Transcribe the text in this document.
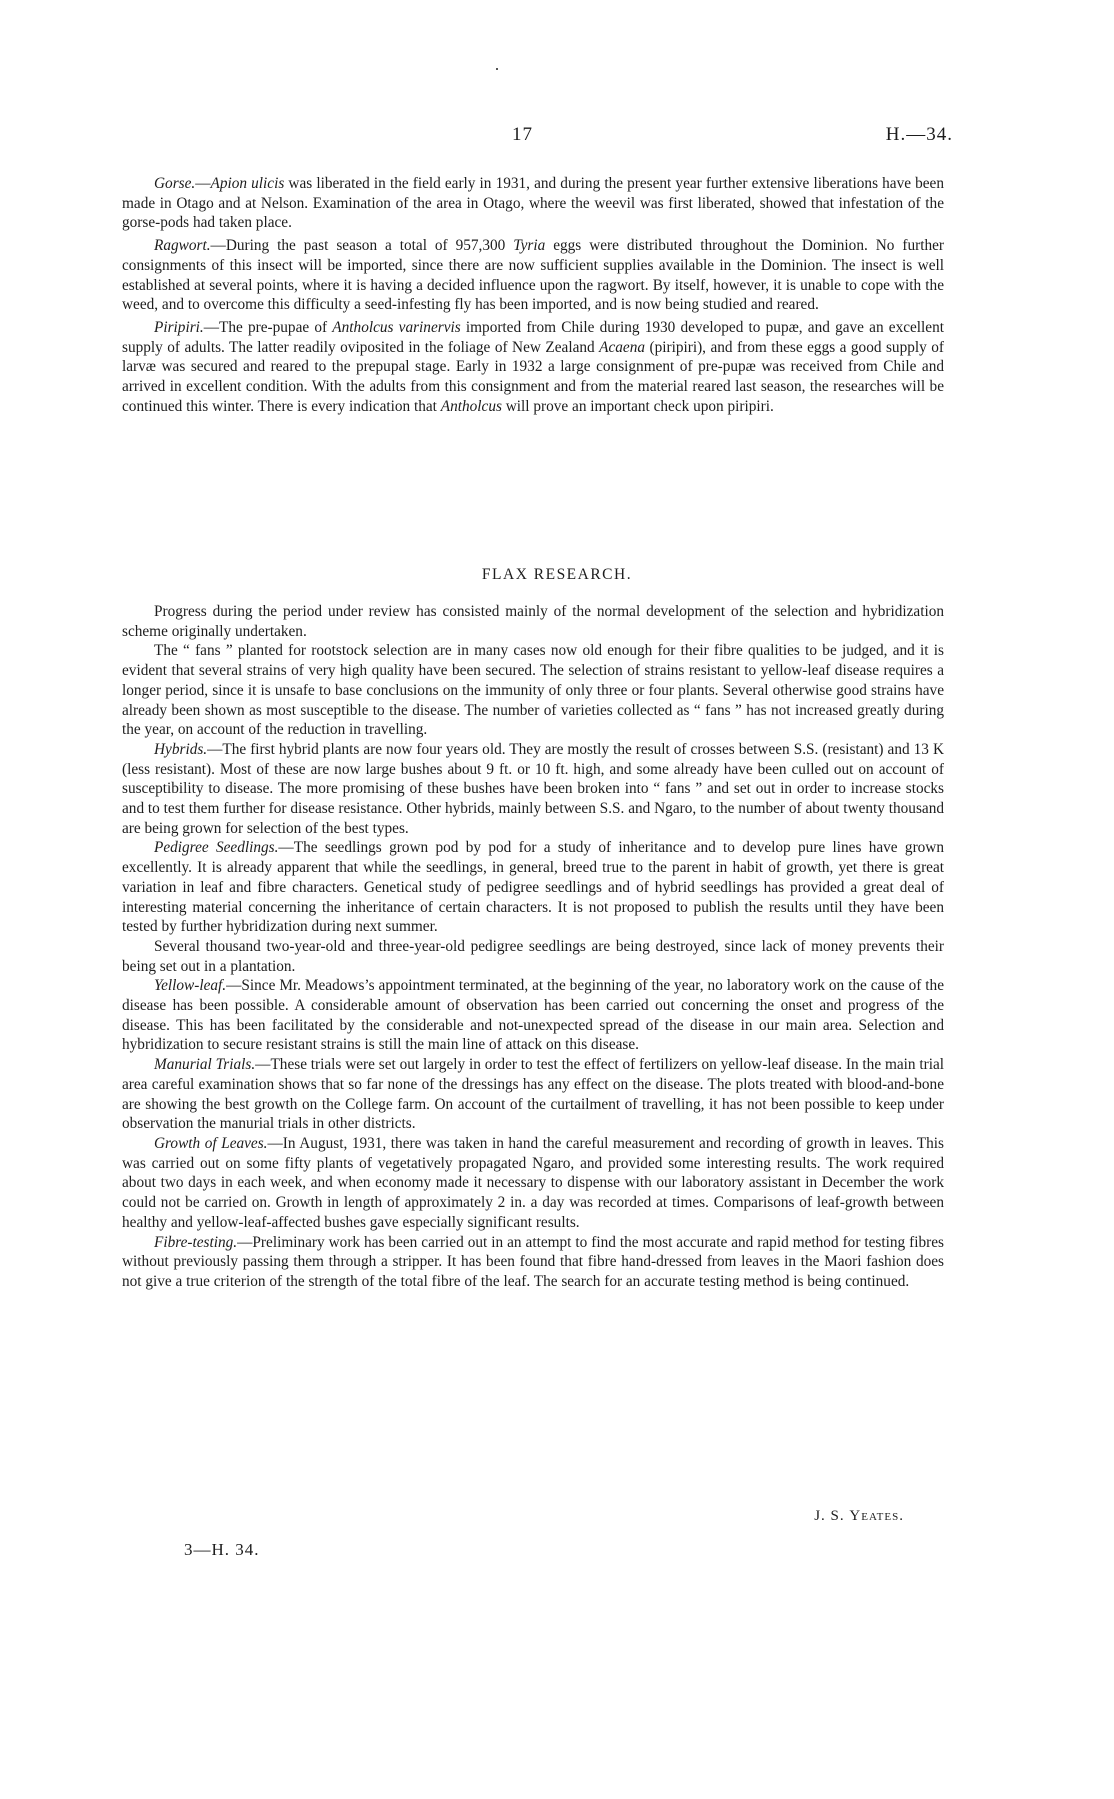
17	H.—34.

Gorse.—Apion ulicis was liberated in the field early in 1931, and during the present year further extensive liberations have been made in Otago and at Nelson. Examination of the area in Otago, where the weevil was first liberated, showed that infestation of the gorse-pods had taken place.

Ragwort.—During the past season a total of 957,300 Tyria eggs were distributed throughout the Dominion. No further consignments of this insect will be imported, since there are now sufficient supplies available in the Dominion. The insect is well established at several points, where it is having a decided influence upon the ragwort. By itself, however, it is unable to cope with the weed, and to overcome this difficulty a seed-infesting fly has been imported, and is now being studied and reared.

Piripiri.—The pre-pupae of Antholcus varinervis imported from Chile during 1930 developed to pupæ, and gave an excellent supply of adults. The latter readily oviposited in the foliage of New Zealand Acaena (piripiri), and from these eggs a good supply of larvæ was secured and reared to the prepupal stage. Early in 1932 a large consignment of pre-pupæ was received from Chile and arrived in excellent condition. With the adults from this consignment and from the material reared last season, the researches will be continued this winter. There is every indication that Antholcus will prove an important check upon piripiri.

FLAX RESEARCH.

Progress during the period under review has consisted mainly of the normal development of the selection and hybridization scheme originally undertaken.

The “ fans ” planted for rootstock selection are in many cases now old enough for their fibre qualities to be judged, and it is evident that several strains of very high quality have been secured. The selection of strains resistant to yellow-leaf disease requires a longer period, since it is unsafe to base conclusions on the immunity of only three or four plants. Several otherwise good strains have already been shown as most susceptible to the disease. The number of varieties collected as “ fans ” has not increased greatly during the year, on account of the reduction in travelling.

Hybrids.—The first hybrid plants are now four years old. They are mostly the result of crosses between S.S. (resistant) and 13 K (less resistant). Most of these are now large bushes about 9 ft. or 10 ft. high, and some already have been culled out on account of susceptibility to disease. The more promising of these bushes have been broken into “ fans ” and set out in order to increase stocks and to test them further for disease resistance. Other hybrids, mainly between S.S. and Ngaro, to the number of about twenty thousand are being grown for selection of the best types.

Pedigree Seedlings.—The seedlings grown pod by pod for a study of inheritance and to develop pure lines have grown excellently. It is already apparent that while the seedlings, in general, breed true to the parent in habit of growth, yet there is great variation in leaf and fibre characters. Genetical study of pedigree seedlings and of hybrid seedlings has provided a great deal of interesting material concerning the inheritance of certain characters. It is not proposed to publish the results until they have been tested by further hybridization during next summer.

Several thousand two-year-old and three-year-old pedigree seedlings are being destroyed, since lack of money prevents their being set out in a plantation.

Yellow-leaf.—Since Mr. Meadows’s appointment terminated, at the beginning of the year, no laboratory work on the cause of the disease has been possible. A considerable amount of observation has been carried out concerning the onset and progress of the disease. This has been facilitated by the considerable and not-unexpected spread of the disease in our main area. Selection and hybridization to secure resistant strains is still the main line of attack on this disease.

Manurial Trials.—These trials were set out largely in order to test the effect of fertilizers on yellow-leaf disease. In the main trial area careful examination shows that so far none of the dressings has any effect on the disease. The plots treated with blood-and-bone are showing the best growth on the College farm. On account of the curtailment of travelling, it has not been possible to keep under observation the manurial trials in other districts.

Growth of Leaves.—In August, 1931, there was taken in hand the careful measurement and recording of growth in leaves. This was carried out on some fifty plants of vegetatively propagated Ngaro, and provided some interesting results. The work required about two days in each week, and when economy made it necessary to dispense with our laboratory assistant in December the work could not be carried on. Growth in length of approximately 2 in. a day was recorded at times. Comparisons of leaf-growth between healthy and yellow-leaf-affected bushes gave especially significant results.

Fibre-testing.—Preliminary work has been carried out in an attempt to find the most accurate and rapid method for testing fibres without previously passing them through a stripper. It has been found that fibre hand-dressed from leaves in the Maori fashion does not give a true criterion of the strength of the total fibre of the leaf. The search for an accurate testing method is being continued.

J. S. Yeates.
3—H. 34.
